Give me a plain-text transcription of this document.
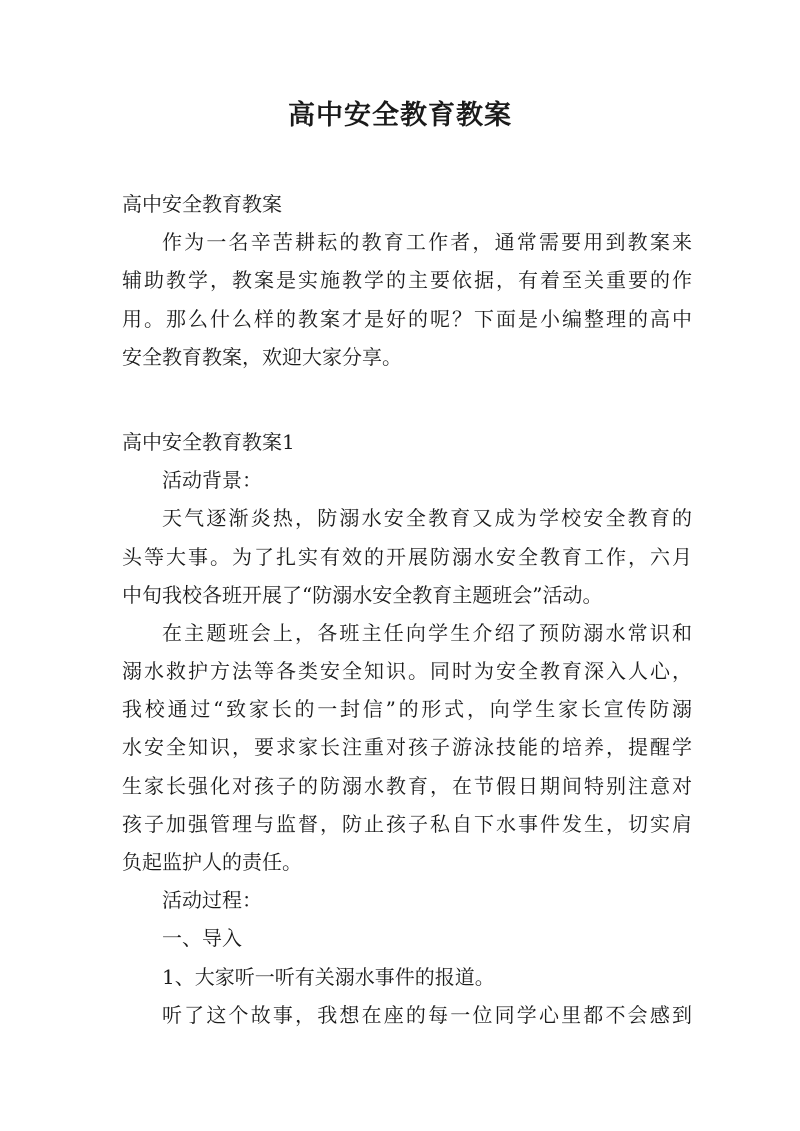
高中安全教育教案

高中安全教育教案

作为一名辛苦耕耘的教育工作者，通常需要用到教案来

辅助教学，教案是实施教学的主要依据，有着至关重要的作

用。那么什么样的教案才是好的呢？下面是小编整理的高中

安全教育教案，欢迎大家分享。

高中安全教育教案1

活动背景：

天气逐渐炎热，防溺水安全教育又成为学校安全教育的

头等大事。为了扎实有效的开展防溺水安全教育工作，六月

中旬我校各班开展了“防溺水安全教育主题班会”活动。

在主题班会上，各班主任向学生介绍了预防溺水常识和

溺水救护方法等各类安全知识。同时为安全教育深入人心，

我校通过“致家长的一封信”的形式，向学生家长宣传防溺

水安全知识，要求家长注重对孩子游泳技能的培养，提醒学

生家长强化对孩子的防溺水教育，在节假日期间特别注意对

孩子加强管理与监督，防止孩子私自下水事件发生，切实肩

负起监护人的责任。

活动过程：

一、导入

1、大家听一听有关溺水事件的报道。

听了这个故事，我想在座的每一位同学心里都不会感到
